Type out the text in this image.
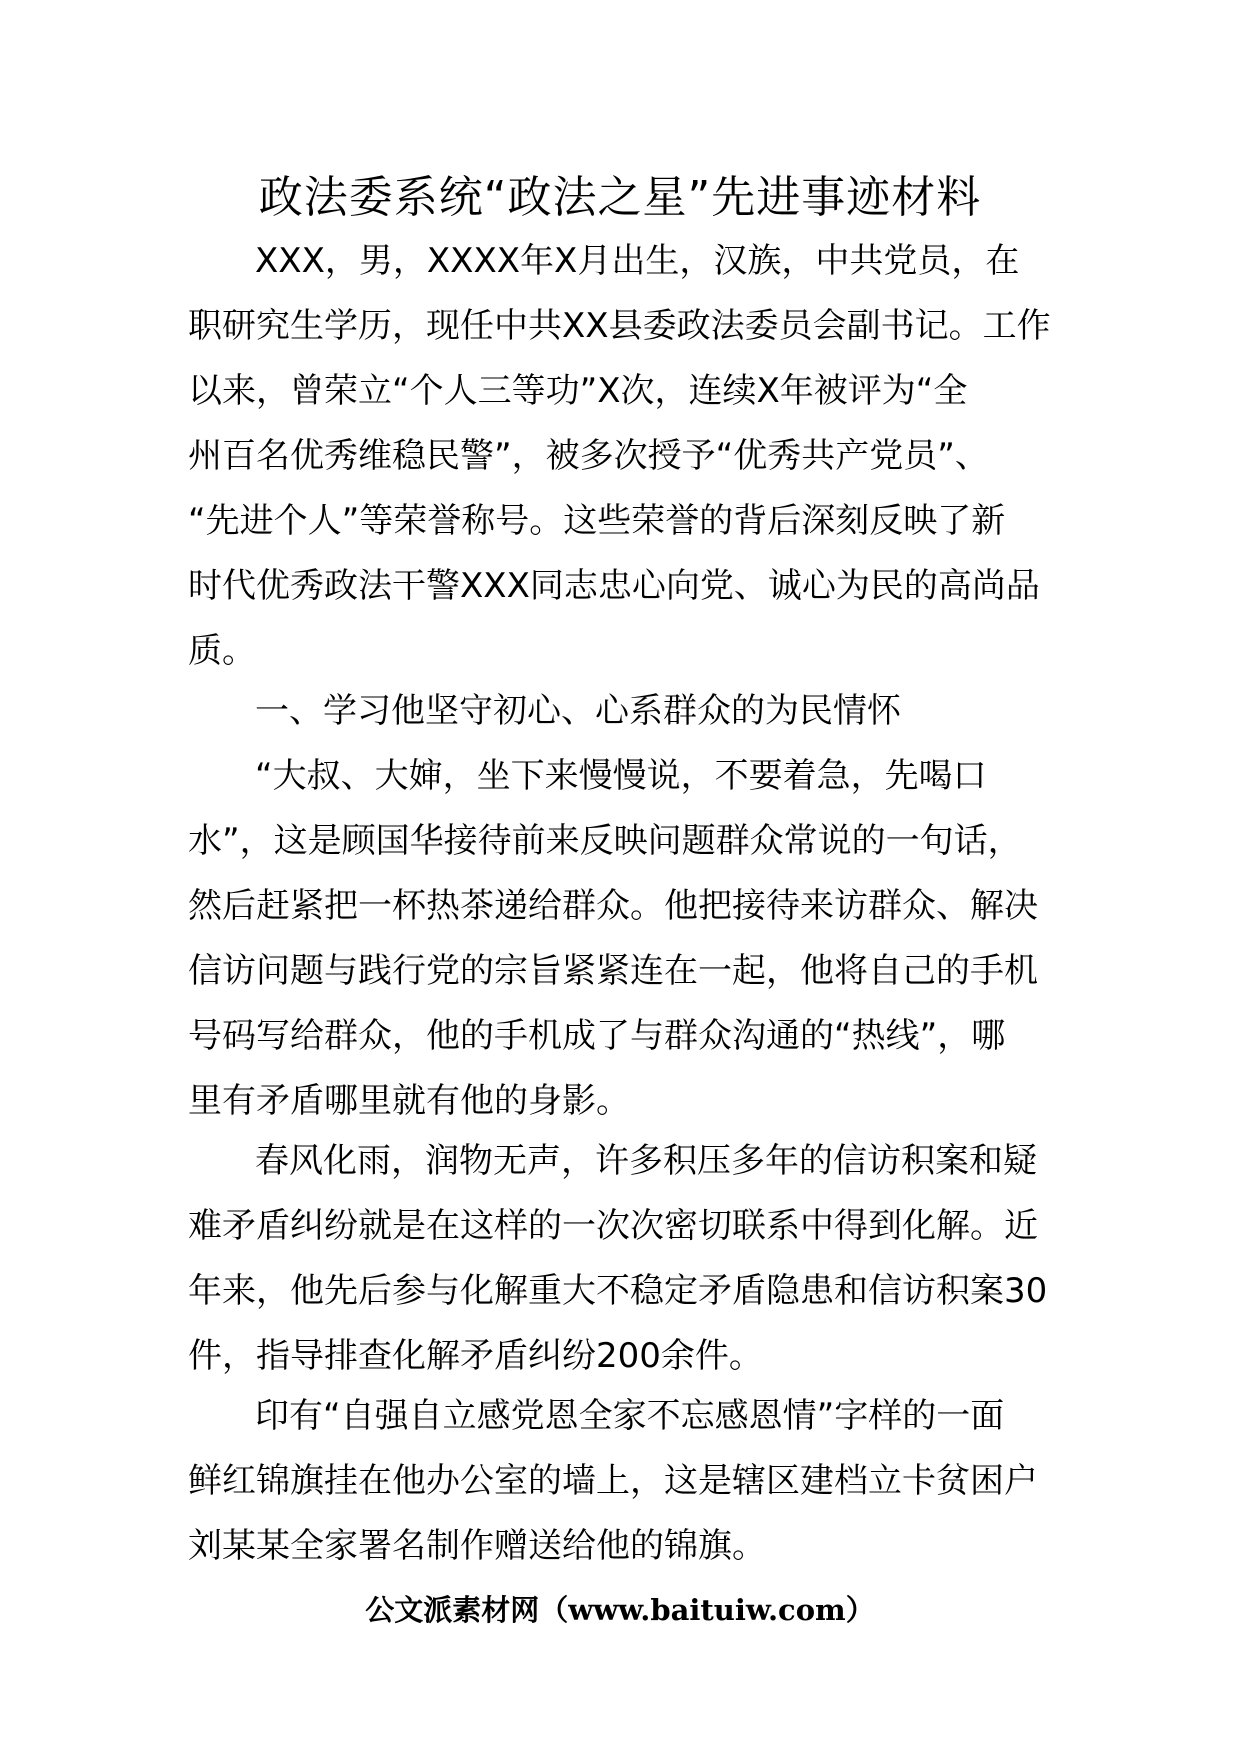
政法委系统“政法之星”先进事迹材料
XXX，男，XXXX年X月出生，汉族，中共党员，在
职研究生学历，现任中共XX县委政法委员会副书记。工作
以来，曾荣立“个人三等功”X次，连续X年被评为“全
州百名优秀维稳民警”，被多次授予“优秀共产党员”、
“先进个人”等荣誉称号。这些荣誉的背后深刻反映了新
时代优秀政法干警XXX同志忠心向党、诚心为民的高尚品
质。
一、学习他坚守初心、心系群众的为民情怀
“大叔、大婶，坐下来慢慢说，不要着急，先喝口
水”，这是顾国华接待前来反映问题群众常说的一句话，
然后赶紧把一杯热茶递给群众。他把接待来访群众、解决
信访问题与践行党的宗旨紧紧连在一起，他将自己的手机
号码写给群众，他的手机成了与群众沟通的“热线”，哪
里有矛盾哪里就有他的身影。
春风化雨，润物无声，许多积压多年的信访积案和疑
难矛盾纠纷就是在这样的一次次密切联系中得到化解。近
年来，他先后参与化解重大不稳定矛盾隐患和信访积案30
件，指导排查化解矛盾纠纷200余件。
印有“自强自立感党恩全家不忘感恩情”字样的一面
鲜红锦旗挂在他办公室的墙上，这是辖区建档立卡贫困户
刘某某全家署名制作赠送给他的锦旗。
公文派素材网（www.baituiw.com）
